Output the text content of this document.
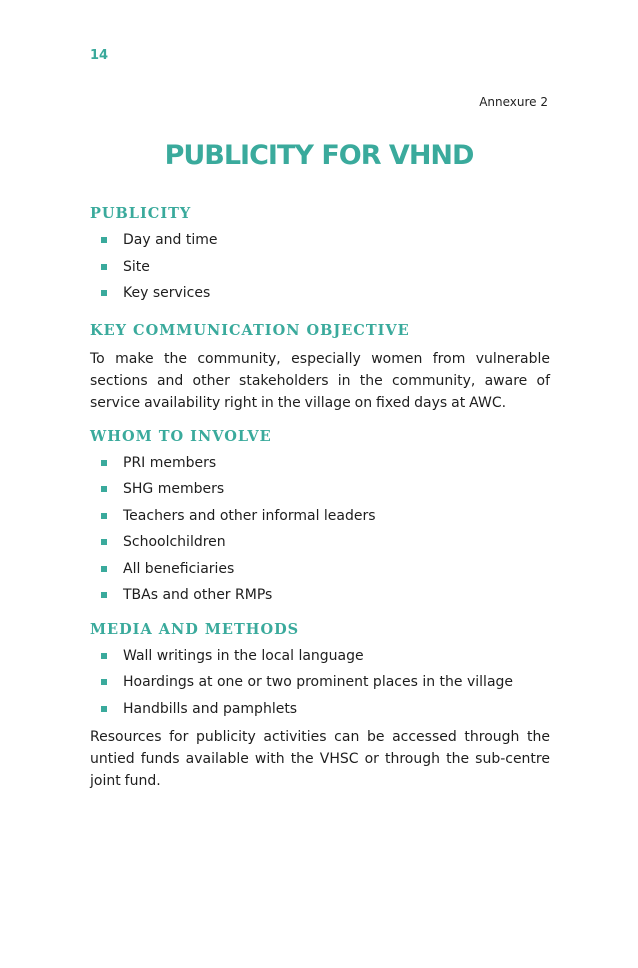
14
Annexure 2
PUBLICITY FOR VHND
PUBLICITY
Day and time
Site
Key services
KEY COMMUNICATION OBJECTIVE

To make the community, especially women from vulnerable sections and other stakeholders in the community, aware of service availability right in the village on fixed days at AWC.

WHOM TO INVOLVE
PRI members
SHG members
Teachers and other informal leaders
Schoolchildren
All beneficiaries
TBAs and other RMPs
MEDIA AND METHODS
Wall writings in the local language
Hoardings at one or two prominent places in the village
Handbills and pamphlets

Resources for publicity activities can be accessed through the untied funds available with the VHSC or through the sub-centre joint fund.
